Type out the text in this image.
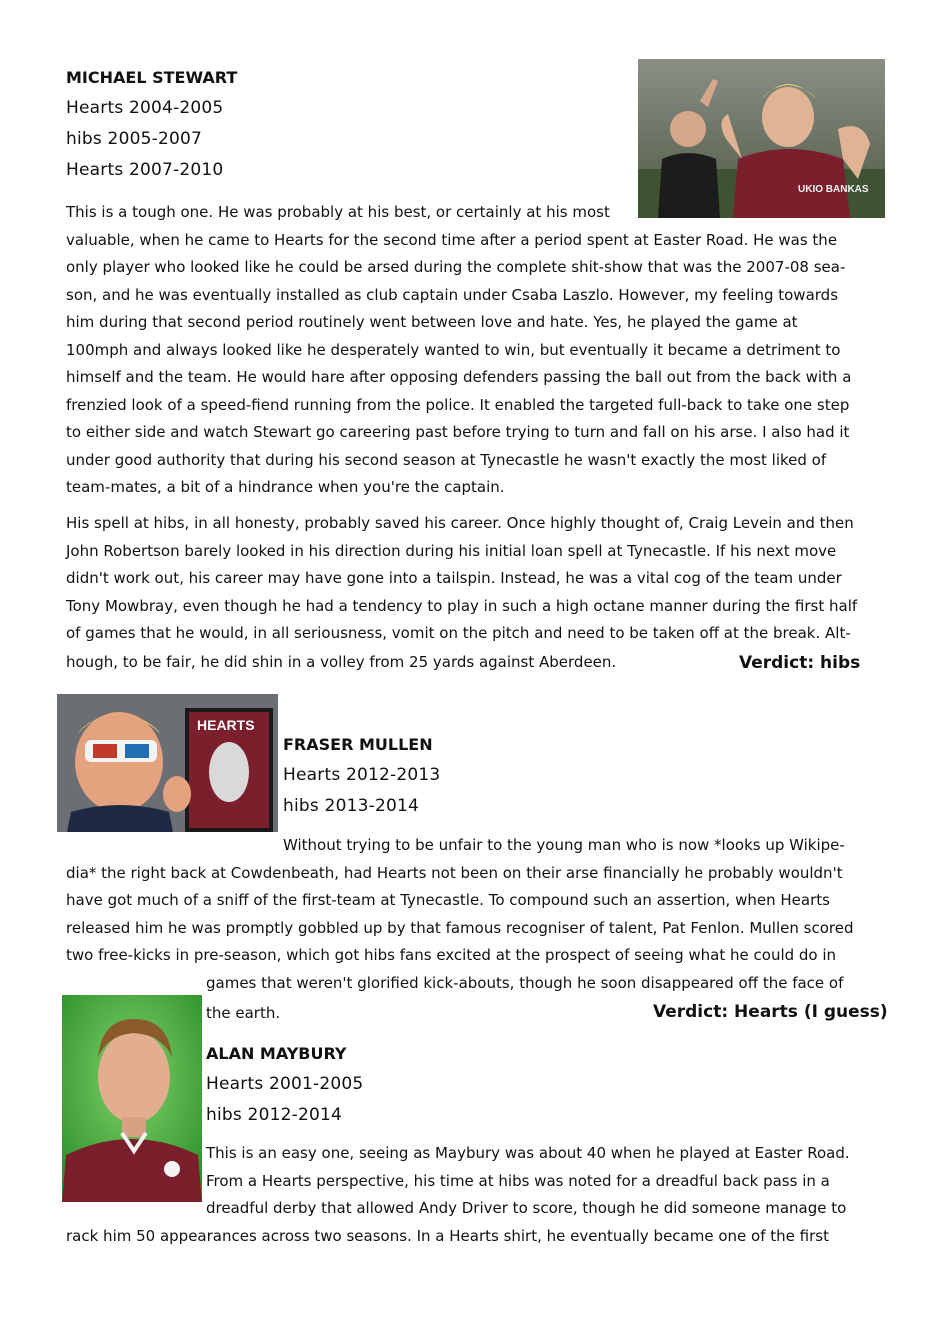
MICHAEL STEWART
Hearts 2004-2005
hibs 2005-2007
Hearts 2007-2010
UKIO BANKAS
This is a tough one. He was probably at his best, or certainly at his most
valuable, when he came to Hearts for the second time after a period spent at Easter Road. He was the
only player who looked like he could be arsed during the complete shit-show that was the 2007-08 sea-
son, and he was eventually installed as club captain under Csaba Laszlo. However, my feeling towards
him during that second period routinely went between love and hate. Yes, he played the game at
100mph and always looked like he desperately wanted to win, but eventually it became a detriment to
himself and the team. He would hare after opposing defenders passing the ball out from the back with a
frenzied look of a speed-fiend running from the police. It enabled the targeted full-back to take one step
to either side and watch Stewart go careering past before trying to turn and fall on his arse. I also had it
under good authority that during his second season at Tynecastle he wasn't exactly the most liked of
team-mates, a bit of a hindrance when you're the captain.
His spell at hibs, in all honesty, probably saved his career. Once highly thought of, Craig Levein and then
John Robertson barely looked in his direction during his initial loan spell at Tynecastle. If his next move
didn't work out, his career may have gone into a tailspin. Instead, he was a vital cog of the team under
Tony Mowbray, even though he had a tendency to play in such a high octane manner during the first half
of games that he would, in all seriousness, vomit on the pitch and need to be taken off at the break. Alt-
hough, to be fair, he did shin in a volley from 25 yards against Aberdeen.	Verdict: hibs
HEARTS
FRASER MULLEN
Hearts 2012-2013
hibs 2013-2014
Without trying to be unfair to the young man who is now *looks up Wikipe-
dia* the right back at Cowdenbeath, had Hearts not been on their arse financially he probably wouldn't
have got much of a sniff of the first-team at Tynecastle. To compound such an assertion, when Hearts
released him he was promptly gobbled up by that famous recogniser of talent, Pat Fenlon. Mullen scored
two free-kicks in pre-season, which got hibs fans excited at the prospect of seeing what he could do in
games that weren't glorified kick-abouts, though he soon disappeared off the face of
the earth.	Verdict: Hearts (I guess)
ALAN MAYBURY
Hearts 2001-2005
hibs 2012-2014
This is an easy one, seeing as Maybury was about 40 when he played at Easter Road.
From a Hearts perspective, his time at hibs was noted for a dreadful back pass in a
dreadful derby that allowed Andy Driver to score, though he did someone manage to
rack him 50 appearances across two seasons. In a Hearts shirt, he eventually became one of the first
